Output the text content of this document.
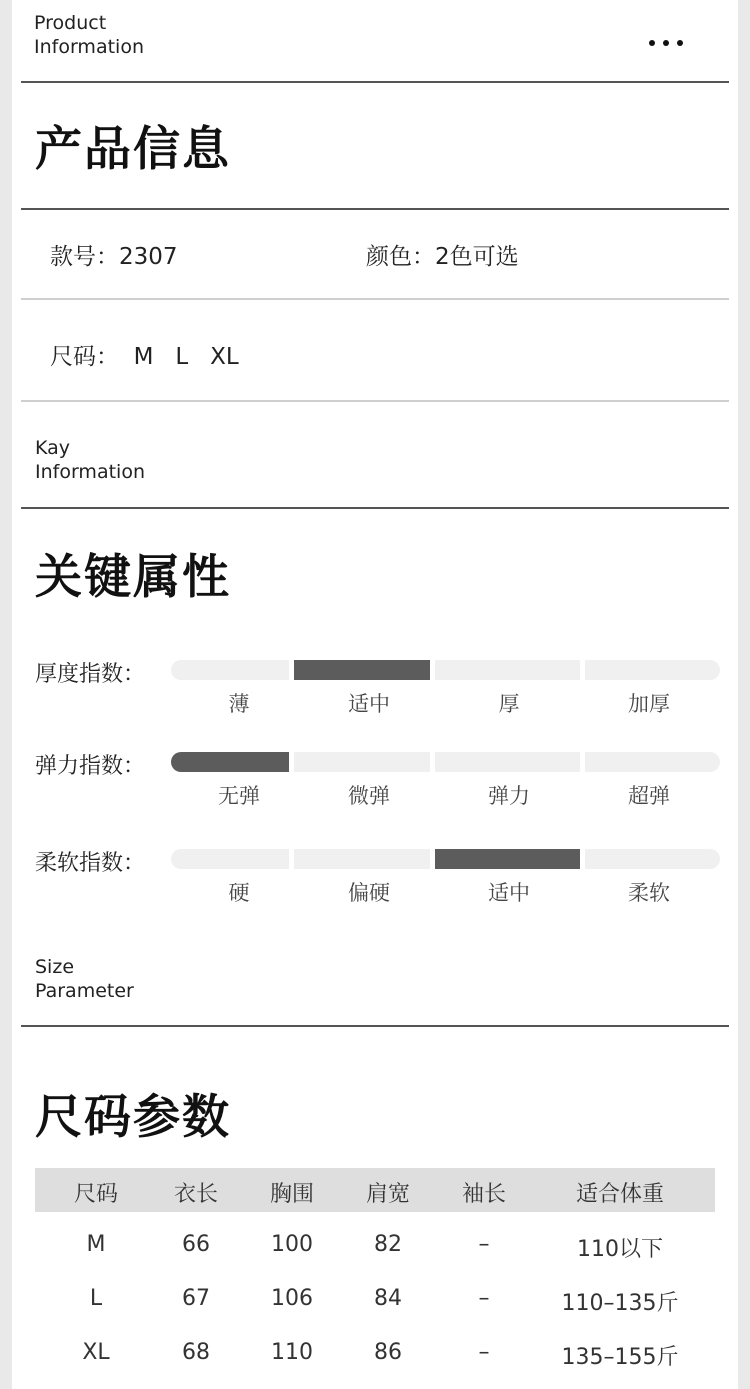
Product
Information
产品信息
款号：2307	颜色：2色可选
尺码：  M   L   XL
Kay
Information
关键属性
Size
Parameter
尺码参数
厚度指数：
薄	适中	厚	加厚
弹力指数：
无弹	微弹	弹力	超弹
柔软指数：
硬	偏硬	适中	柔软
尺码	衣长	胸围	肩宽	袖长	适合体重
M	66	100	82	–	110以下
L	67	106	84	–	110–135斤
XL	68	110	86	–	135–155斤
